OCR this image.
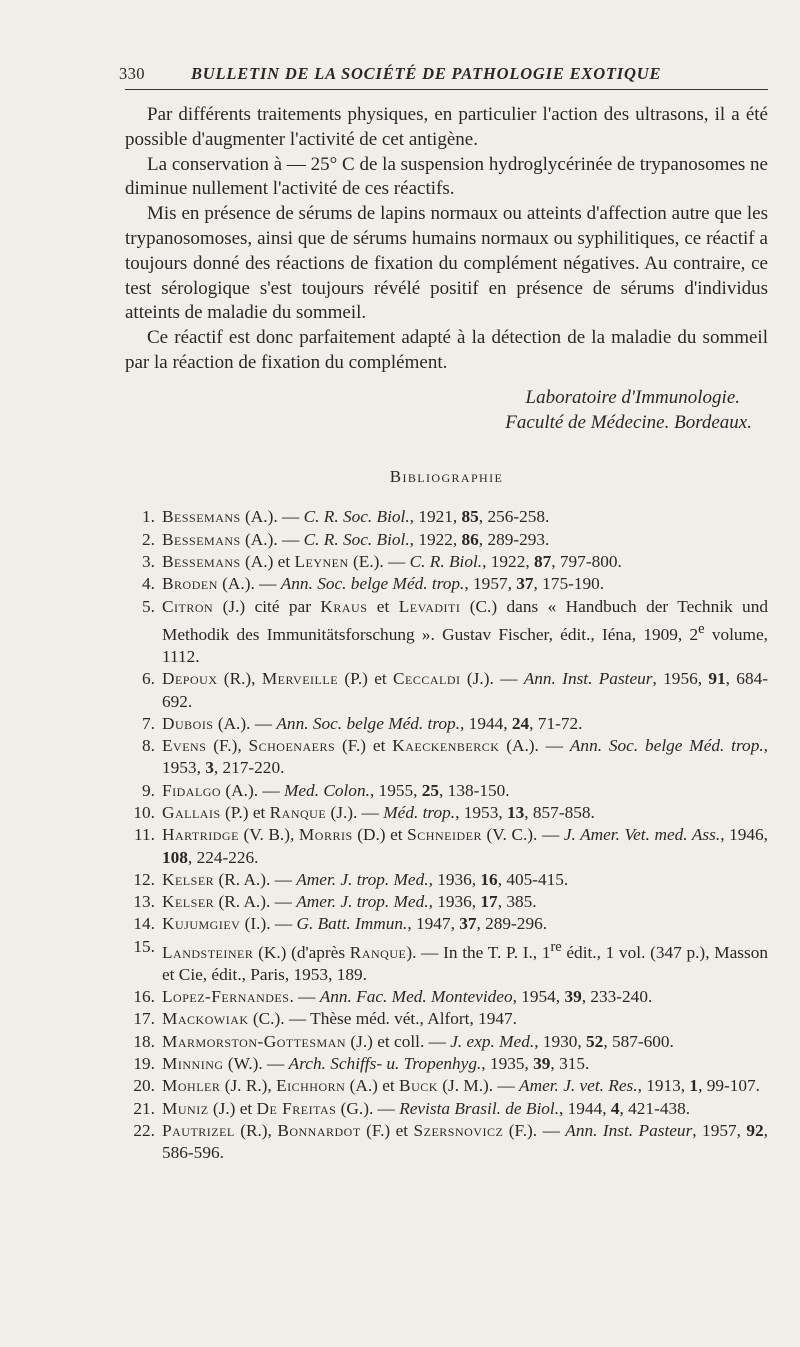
330	BULLETIN DE LA SOCIÉTÉ DE PATHOLOGIE EXOTIQUE

Par différents traitements physiques, en particulier l'action des ultrasons, il a été possible d'augmenter l'activité de cet antigène.

La conservation à — 25° C de la suspension hydroglycérinée de trypanosomes ne diminue nullement l'activité de ces réactifs.

Mis en présence de sérums de lapins normaux ou atteints d'affection autre que les trypanosomoses, ainsi que de sérums humains normaux ou syphilitiques, ce réactif a toujours donné des réactions de fixation du complément négatives. Au contraire, ce test sérologique s'est toujours révélé positif en présence de sérums d'individus atteints de maladie du sommeil.

Ce réactif est donc parfaitement adapté à la détection de la maladie du sommeil par la réaction de fixation du complément.

Laboratoire d'Immunologie.
Faculté de Médecine. Bordeaux.
Bibliographie
1. Bessemans (A.). — C. R. Soc. Biol., 1921, 85, 256-258.
2. Bessemans (A.). — C. R. Soc. Biol., 1922, 86, 289-293.
3. Bessemans (A.) et Leynen (E.). — C. R. Biol., 1922, 87, 797-800.
4. Broden (A.). — Ann. Soc. belge Méd. trop., 1957, 37, 175-190.
5. Citron (J.) cité par Kraus et Levaditi (C.) dans « Handbuch der Technik und Methodik des Immunitätsforschung ». Gustav Fischer, édit., Iéna, 1909, 2e volume, 1112.
6. Depoux (R.), Merveille (P.) et Ceccaldi (J.). — Ann. Inst. Pasteur, 1956, 91, 684-692.
7. Dubois (A.). — Ann. Soc. belge Méd. trop., 1944, 24, 71-72.
8. Evens (F.), Schoenaers (F.) et Kaeckenberck (A.). — Ann. Soc. belge Méd. trop., 1953, 3, 217-220.
9. Fidalgo (A.). — Med. Colon., 1955, 25, 138-150.
10. Gallais (P.) et Ranque (J.). — Méd. trop., 1953, 13, 857-858.
11. Hartridge (V. B.), Morris (D.) et Schneider (V. C.). — J. Amer. Vet. med. Ass., 1946, 108, 224-226.
12. Kelser (R. A.). — Amer. J. trop. Med., 1936, 16, 405-415.
13. Kelser (R. A.). — Amer. J. trop. Med., 1936, 17, 385.
14. Kujumgiev (I.). — G. Batt. Immun., 1947, 37, 289-296.
15. Landsteiner (K.) (d'après Ranque). — In the T. P. I., 1re édit., 1 vol. (347 p.), Masson et Cie, édit., Paris, 1953, 189.
16. Lopez-Fernandes. — Ann. Fac. Med. Montevideo, 1954, 39, 233-240.
17. Mackowiak (C.). — Thèse méd. vét., Alfort, 1947.
18. Marmorston-Gottesman (J.) et coll. — J. exp. Med., 1930, 52, 587-600.
19. Minning (W.). — Arch. Schiffs- u. Tropenhyg., 1935, 39, 315.
20. Mohler (J. R.), Eichhorn (A.) et Buck (J. M.). — Amer. J. vet. Res., 1913, 1, 99-107.
21. Muniz (J.) et De Freitas (G.). — Revista Brasil. de Biol., 1944, 4, 421-438.
22. Pautrizel (R.), Bonnardot (F.) et Szersnovicz (F.). — Ann. Inst. Pasteur, 1957, 92, 586-596.
